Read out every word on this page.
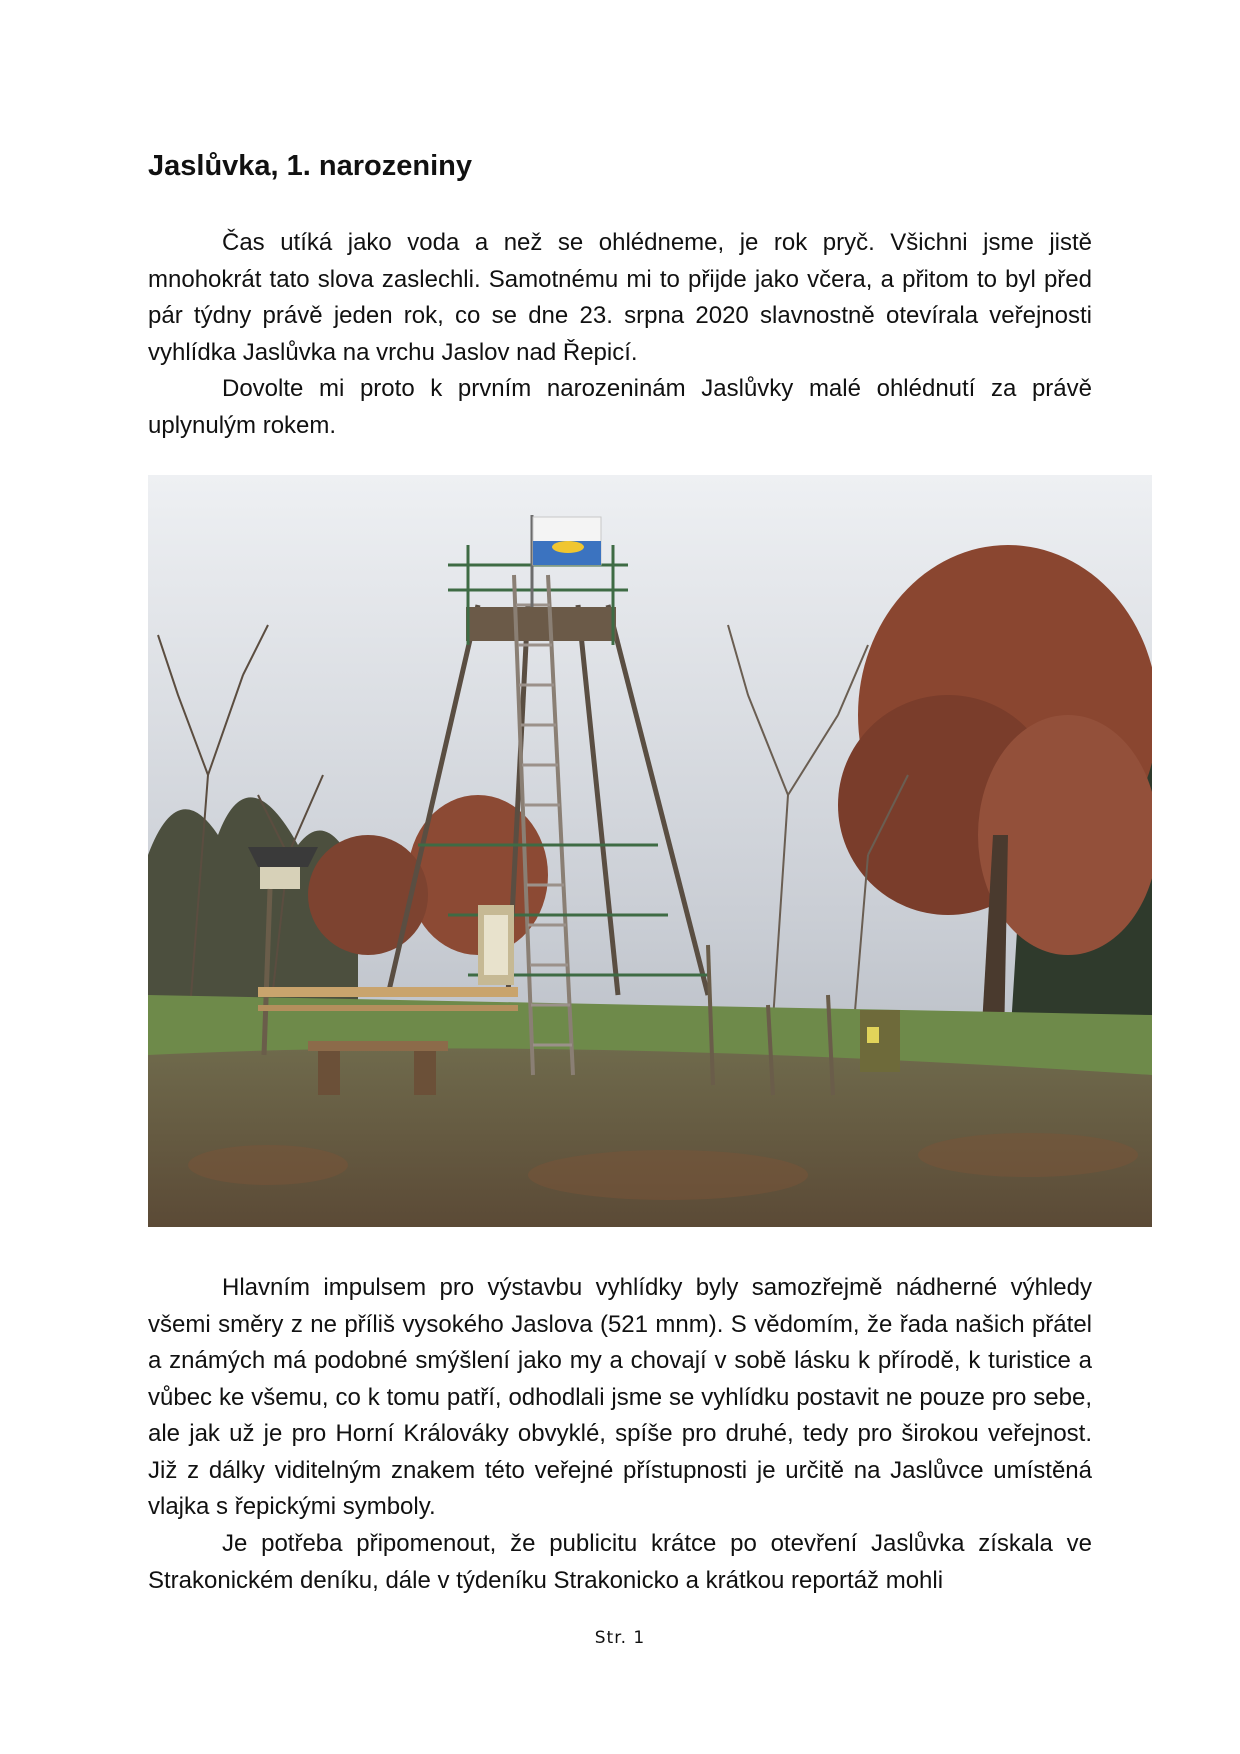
Jaslůvka, 1. narozeniny

Čas utíká jako voda a než se ohlédneme, je rok pryč. Všichni jsme jistě mnohokrát tato slova zaslechli. Samotnému mi to přijde jako včera, a přitom to byl před pár týdny právě jeden rok, co se dne 23. srpna 2020 slavnostně otevírala veřejnosti vyhlídka Jaslůvka na vrchu Jaslov nad Řepicí.

Dovolte mi proto k prvním narozeninám Jaslůvky malé ohlédnutí za právě uplynulým rokem.

Hlavním impulsem pro výstavbu vyhlídky byly samozřejmě nádherné výhledy všemi směry z ne příliš vysokého Jaslova (521 mnm). S vědomím, že řada našich přátel a známých má podobné smýšlení jako my a chovají v sobě lásku k přírodě, k turistice a vůbec ke všemu, co k tomu patří, odhodlali jsme se vyhlídku postavit ne pouze pro sebe, ale jak už je pro Horní Králováky obvyklé, spíše pro druhé, tedy pro širokou veřejnost. Již z dálky viditelným znakem této veřejné přístupnosti je určitě na Jaslůvce umístěná vlajka s řepickými symboly.

Je potřeba připomenout, že publicitu krátce po otevření Jaslůvka získala ve Strakonickém deníku, dále v týdeníku Strakonicko a krátkou reportáž mohli

Str. 1
